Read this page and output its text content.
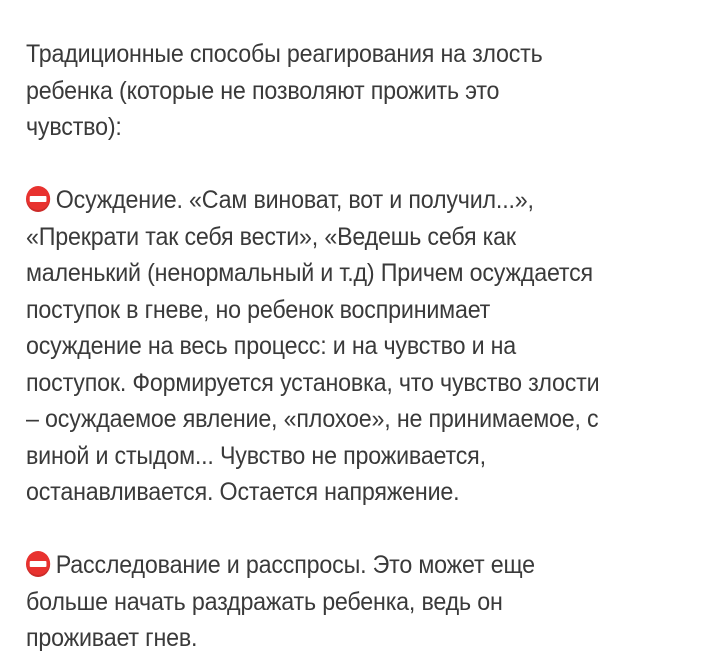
Традиционные способы реагирования на злость
ребенка (которые не позволяют прожить это
чувство):
Осуждение. «Сам виноват, вот и получил...»,
«Прекрати так себя вести», «Ведешь себя как
маленький (ненормальный и т.д) Причем осуждается
поступок в гневе, но ребенок воспринимает
осуждение на весь процесс: и на чувство и на
поступок. Формируется установка, что чувство злости
– осуждаемое явление, «плохое», не принимаемое, с
виной и стыдом... Чувство не проживается,
останавливается. Остается напряжение.
Расследование и расспросы. Это может еще
больше начать раздражать ребенка, ведь он
проживает гнев.
